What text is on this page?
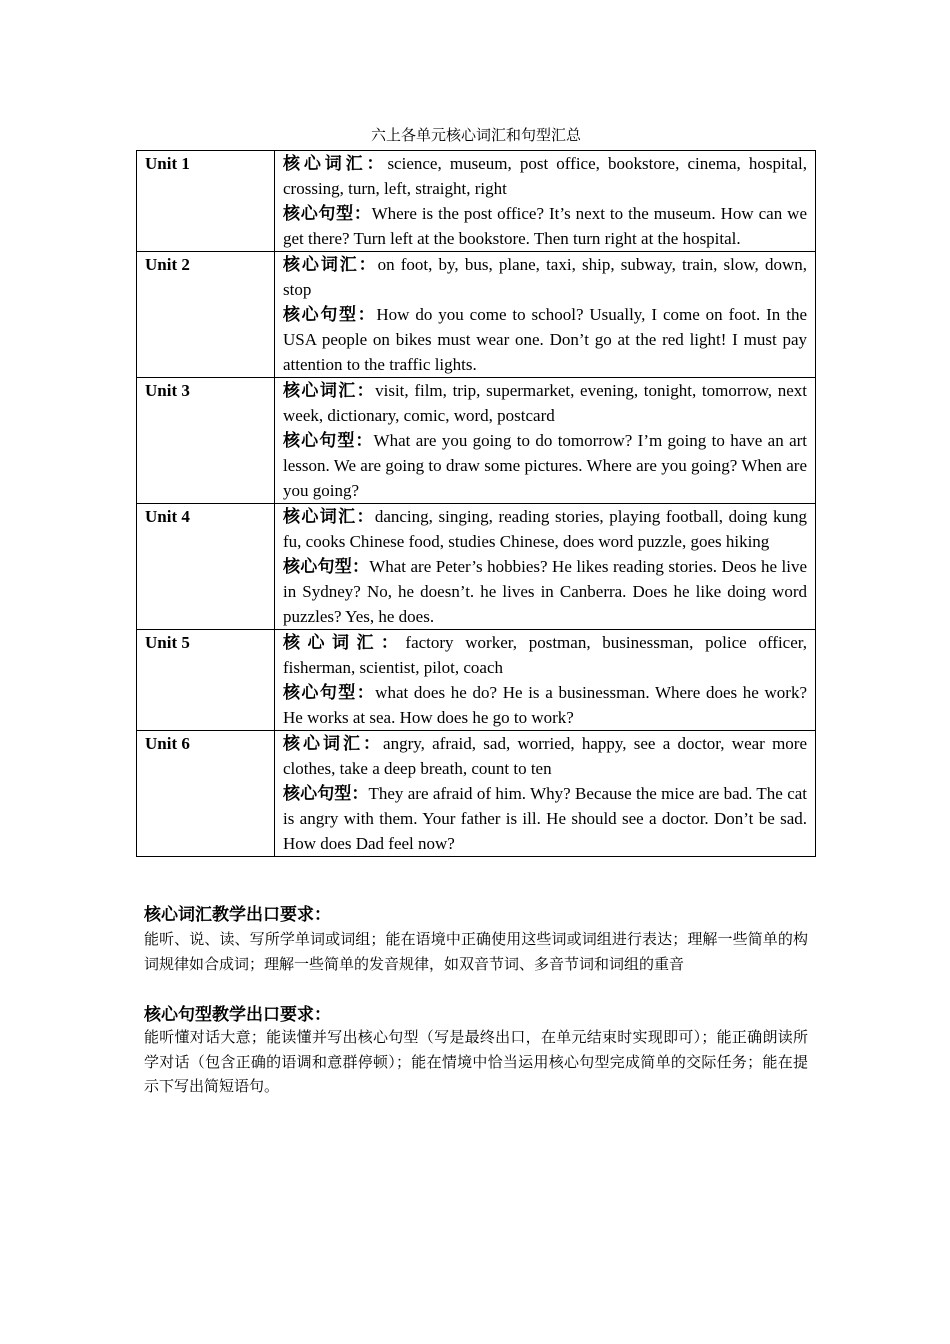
六上各单元核心词汇和句型汇总
Unit 1	核心词汇：science, museum, post office, bookstore, cinema, hospital, crossing, turn, left, straight, right
核心句型：Where is the post office? It’s next to the museum. How can we get there? Turn left at the bookstore. Then turn right at the hospital.

Unit 2	核心词汇：on foot, by, bus, plane, taxi, ship, subway, train, slow, down, stop
核心句型：How do you come to school? Usually, I come on foot. In the USA people on bikes must wear one. Don’t go at the red light! I must pay attention to the traffic lights.

Unit 3	核心词汇：visit, film, trip, supermarket, evening, tonight, tomorrow, next week, dictionary, comic, word, postcard
核心句型：What are you going to do tomorrow? I’m going to have an art lesson. We are going to draw some pictures. Where are you going? When are you going?

Unit 4	核心词汇：dancing, singing, reading stories, playing football, doing kung fu, cooks Chinese food, studies Chinese, does word puzzle, goes hiking
核心句型：What are Peter’s hobbies? He likes reading stories. Deos he live in Sydney? No, he doesn’t. he lives in Canberra. Does he like doing word puzzles? Yes, he does.

Unit 5	核心词汇：factory worker, postman, businessman, police officer, fisherman, scientist, pilot, coach
核心句型：what does he do? He is a businessman. Where does he work? He works at sea. How does he go to work?

Unit 6	核心词汇：angry, afraid, sad, worried, happy, see a doctor, wear more clothes, take a deep breath, count to ten
核心句型：They are afraid of him. Why? Because the mice are bad. The cat is angry with them. Your father is ill. He should see a doctor. Don’t be sad. How does Dad feel now?
核心词汇教学出口要求：
能听、说、读、写所学单词或词组；能在语境中正确使用这些词或词组进行表达；理解一些简单的构词规律如合成词；理解一些简单的发音规律，如双音节词、多音节词和词组的重音
核心句型教学出口要求：
能听懂对话大意；能读懂并写出核心句型（写是最终出口，在单元结束时实现即可）；能正确朗读所学对话（包含正确的语调和意群停顿）；能在情境中恰当运用核心句型完成简单的交际任务；能在提示下写出简短语句。
